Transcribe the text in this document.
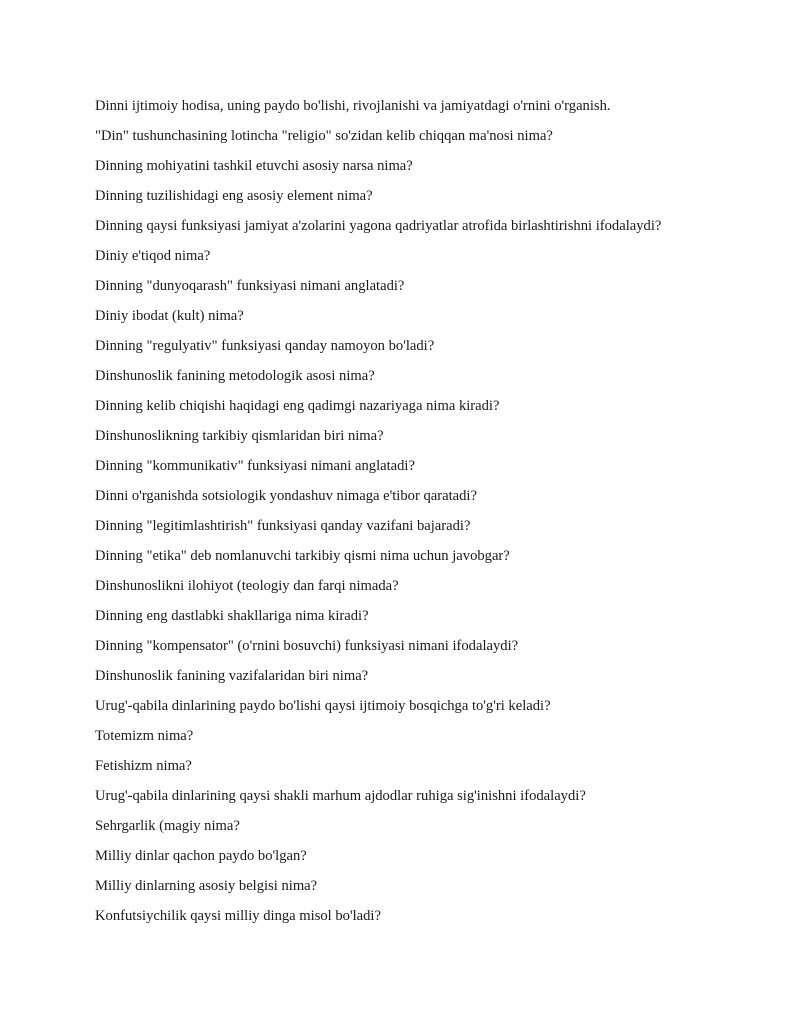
Dinni ijtimoiy hodisa, uning paydo bo'lishi, rivojlanishi va jamiyatdagi o'rnini o'rganish.
"Din" tushunchasining lotincha "religio" so'zidan kelib chiqqan ma'nosi nima?
Dinning mohiyatini tashkil etuvchi asosiy narsa nima?
Dinning tuzilishidagi eng asosiy element nima?
Dinning qaysi funksiyasi jamiyat a'zolarini yagona qadriyatlar atrofida birlashtirishni ifodalaydi?
Diniy e'tiqod nima?
Dinning "dunyoqarash" funksiyasi nimani anglatadi?
Diniy ibodat (kult) nima?
Dinning "regulyativ" funksiyasi qanday namoyon bo'ladi?
Dinshunoslik fanining metodologik asosi nima?
Dinning kelib chiqishi haqidagi eng qadimgi nazariyaga nima kiradi?
Dinshunoslikning tarkibiy qismlaridan biri nima?
Dinning "kommunikativ" funksiyasi nimani anglatadi?
Dinni o'rganishda sotsiologik yondashuv nimaga e'tibor qaratadi?
Dinning "legitimlashtirish" funksiyasi qanday vazifani bajaradi?
Dinning "etika" deb nomlanuvchi tarkibiy qismi nima uchun javobgar?
Dinshunoslikni ilohiyot (teologiy dan farqi nimada?
Dinning eng dastlabki shakllariga nima kiradi?
Dinning "kompensator" (o'rnini bosuvchi) funksiyasi nimani ifodalaydi?
Dinshunoslik fanining vazifalaridan biri nima?
Urug'-qabila dinlarining paydo bo'lishi qaysi ijtimoiy bosqichga to'g'ri keladi?
Totemizm nima?
Fetishizm nima?
Urug'-qabila dinlarining qaysi shakli marhum ajdodlar ruhiga sig'inishni ifodalaydi?
Sehrgarlik (magiy nima?
Milliy dinlar qachon paydo bo'lgan?
Milliy dinlarning asosiy belgisi nima?
Konfutsiychilik qaysi milliy dinga misol bo'ladi?
